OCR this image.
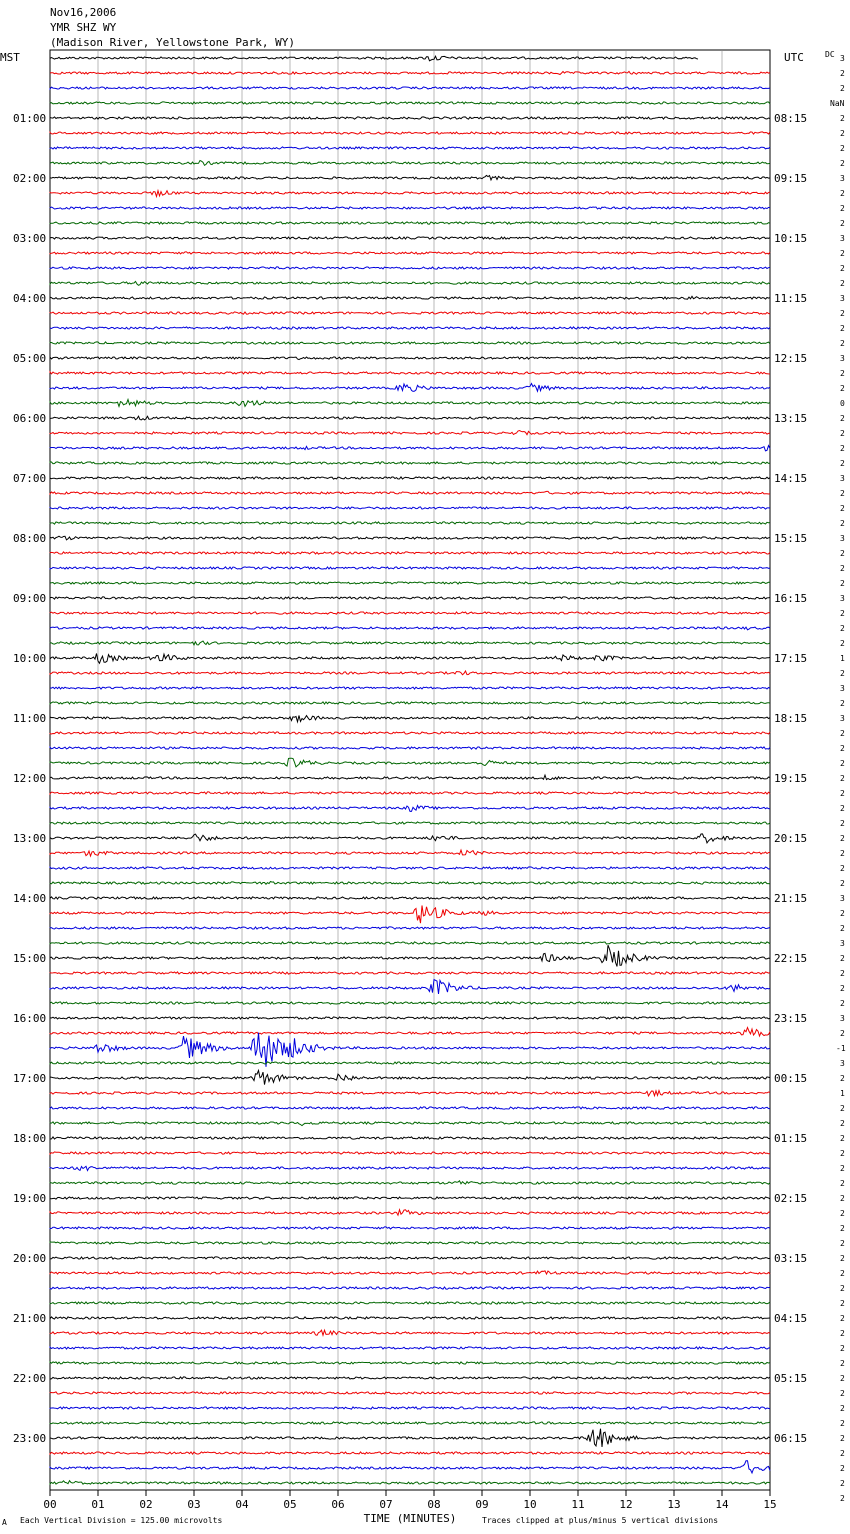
Nov16,2006
YMR SHZ WY
(Madison River, Yellowstone Park, WY)
MST	UTC	DC
01:00
02:00
03:00
04:00
05:00
06:00
07:00
08:00
09:00
10:00
11:00
12:00
13:00
14:00
15:00
16:00
17:00
18:00
19:00
20:00
21:00
22:00
23:00
08:15
09:15
10:15
11:15
12:15
13:15
14:15
15:15
16:15
17:15
18:15
19:15
20:15
21:15
22:15
23:15
00:15
01:15
02:15
03:15
04:15
05:15
06:15
3
2
2
NaN
2
2
2
2
3
2
2
2
3
2
2
2
3
2
2
2
3
2
2
0
2
2
2
2
3
2
2
2
3
2
2
2
3
2
2
2
1
2
3
2
3
2
2
2
2
2
2
2
2
2
2
2
3
2
2
3
2
2
2
2
3
2
-1
3
2
1
2
2
2
2
2
2
2
2
2
2
2
2
2
2
2
2
2
2
2
2
2
2
2
2
2
2
2
00	01	02	03	04	05	06	07	08	09	10	11	12	13	14	15
TIME (MINUTES)
A Each Vertical Division = 125.00 microvolts	Traces clipped at plus/minus 5 vertical divisions
